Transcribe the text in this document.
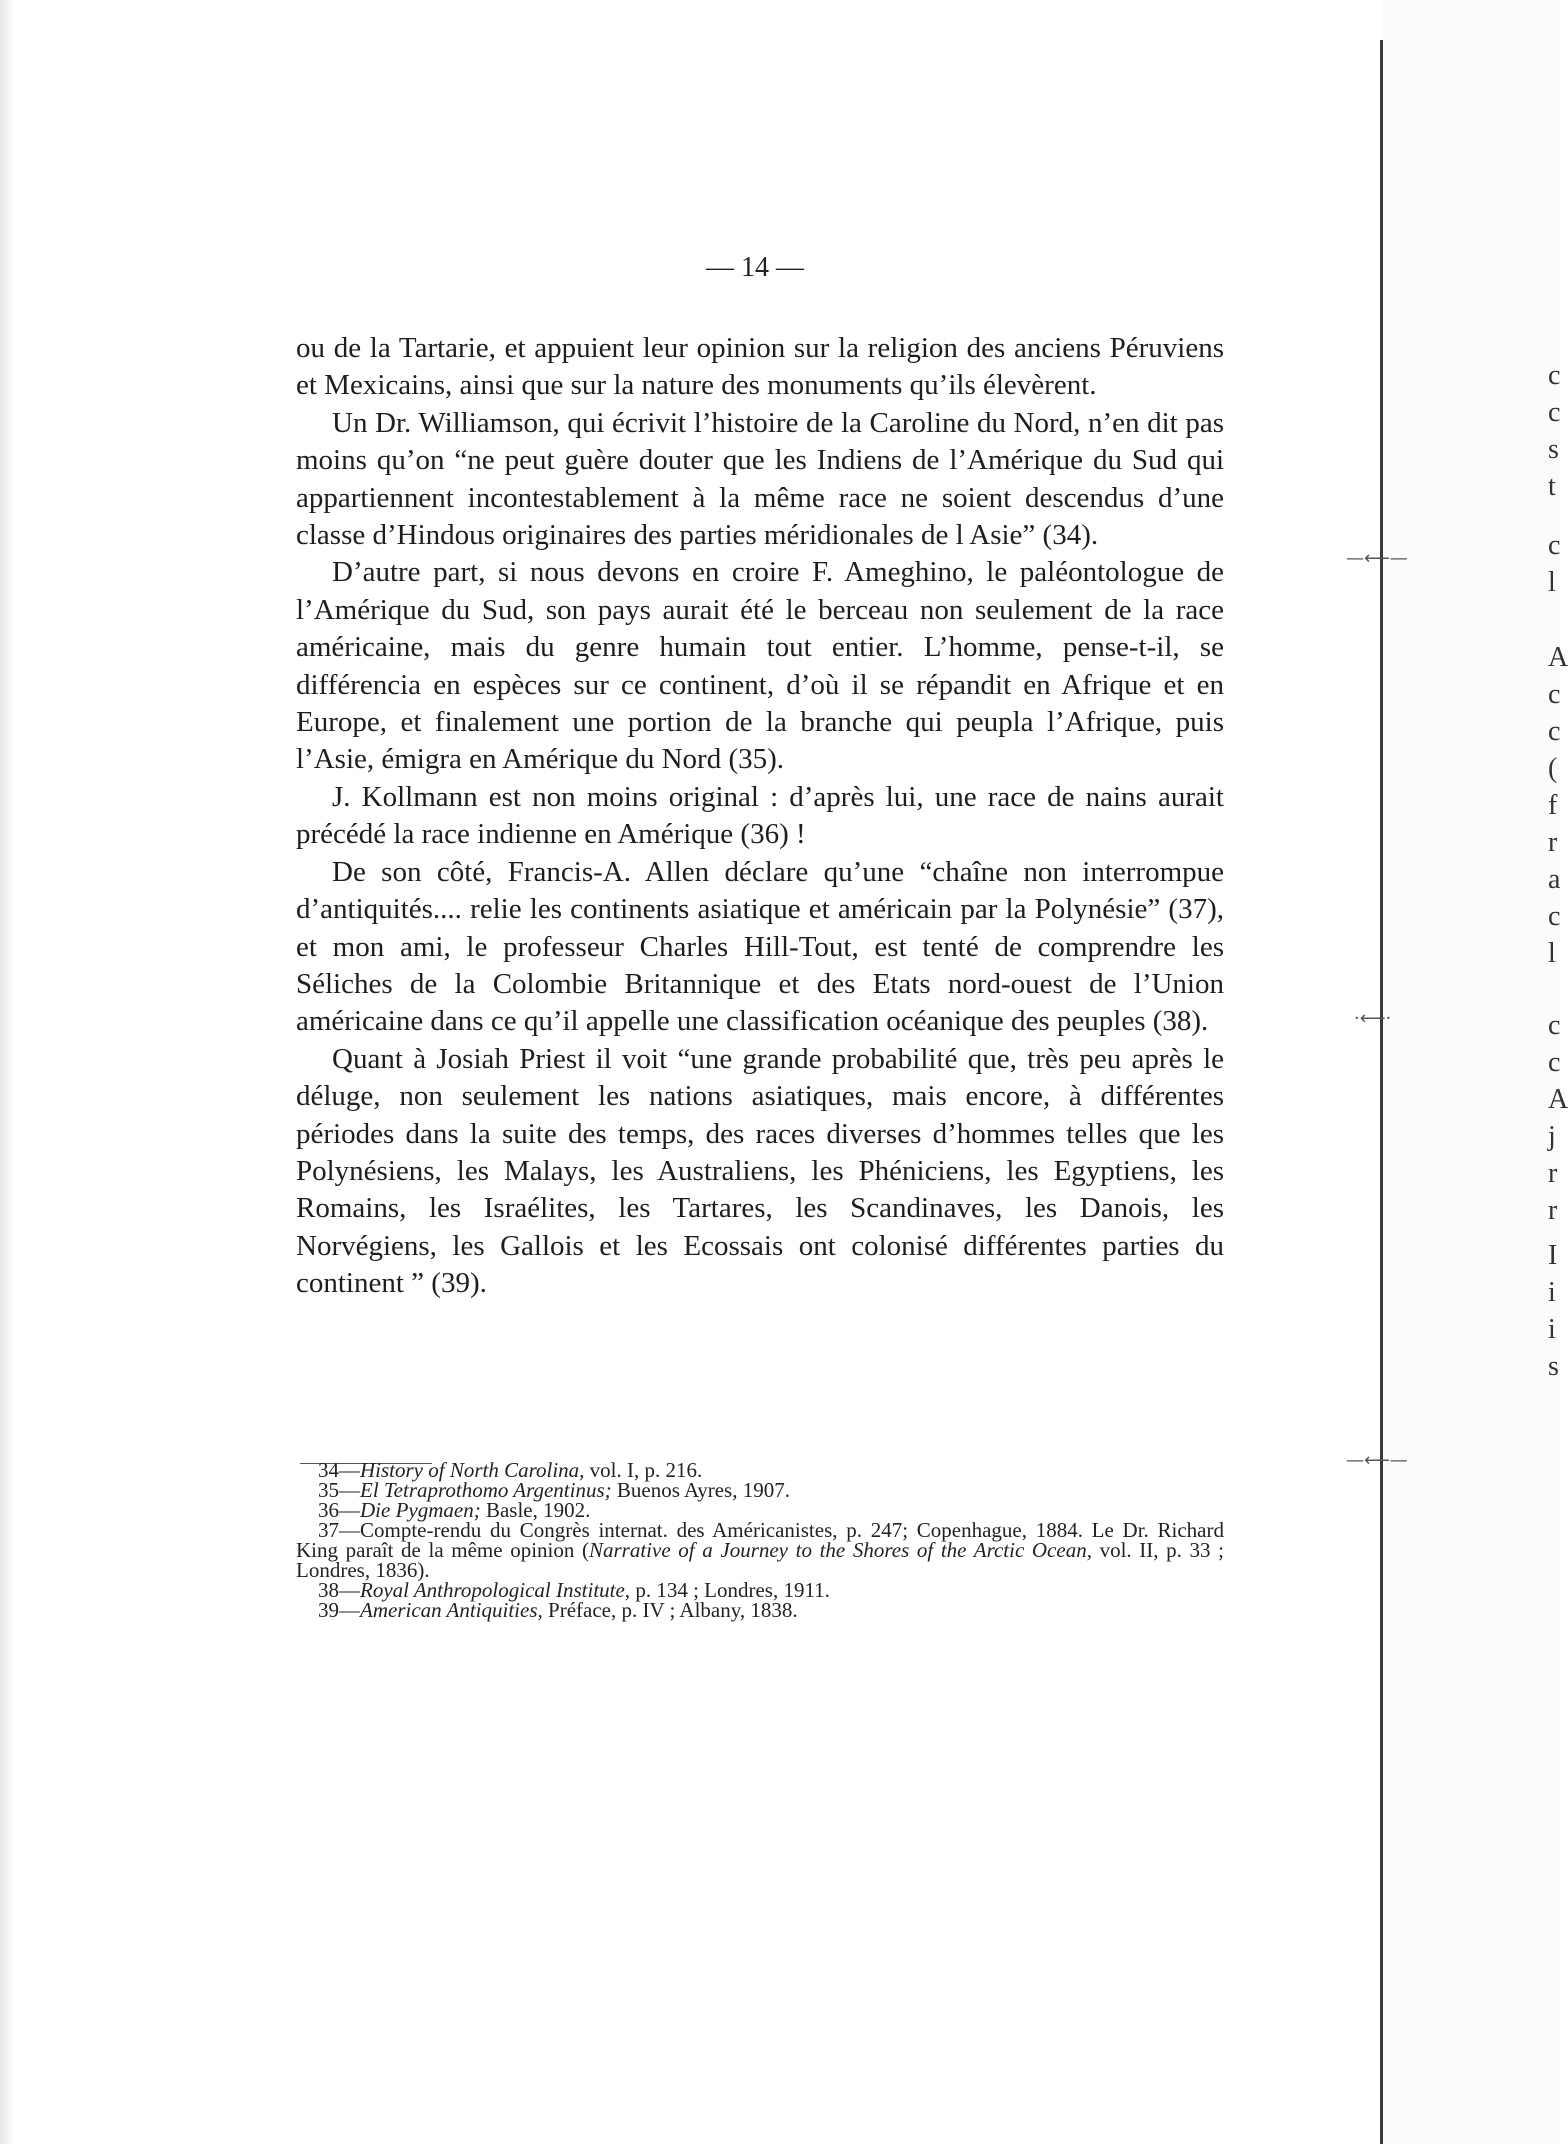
— 14 —

ou de la Tartarie, et appuient leur opinion sur la religion des anciens Péruviens et Mexicains, ainsi que sur la nature des monuments qu’ils élevèrent.

Un Dr. Williamson, qui écrivit l’histoire de la Caroline du Nord, n’en dit pas moins qu’on “ne peut guère douter que les Indiens de l’Amérique du Sud qui appartiennent incontestablement à la même race ne soient descendus d’une classe d’Hindous originaires des parties méridionales de l Asie” (34).

D’autre part, si nous devons en croire F. Ameghino, le paléontologue de l’Amérique du Sud, son pays aurait été le berceau non seulement de la race américaine, mais du genre humain tout entier. L’homme, pense-t-il, se différencia en espèces sur ce continent, d’où il se répandit en Afrique et en Europe, et finalement une portion de la branche qui peupla l’Afrique, puis l’Asie, émigra en Amérique du Nord (35).

J. Kollmann est non moins original : d’après lui, une race de nains aurait précédé la race indienne en Amérique (36) !

De son côté, Francis-A. Allen déclare qu’une “chaîne non interrompue d’antiquités.... relie les continents asiatique et américain par la Polynésie” (37), et mon ami, le professeur Charles Hill-Tout, est tenté de comprendre les Séliches de la Colombie Britannique et des Etats nord-ouest de l’Union américaine dans ce qu’il appelle une classification océanique des peuples (38).

Quant à Josiah Priest il voit “une grande probabilité que, très peu après le déluge, non seulement les nations asiatiques, mais encore, à différentes périodes dans la suite des temps, des races diverses d’hommes telles que les Polynésiens, les Malays, les Australiens, les Phéniciens, les Egyptiens, les Romains, les Israélites, les Tartares, les Scandinaves, les Danois, les Norvégiens, les Gallois et les Ecossais ont colonisé différentes parties du continent ” (39).

34—History of North Carolina, vol. I, p. 216.

35—El Tetraprothomo Argentinus; Buenos Ayres, 1907.

36—Die Pygmaen; Basle, 1902.

37—Compte-rendu du Congrès internat. des Américanistes, p. 247; Copenhague, 1884. Le Dr. Richard King paraît de la même opinion (Narrative of a Journey to the Shores of the Arctic Ocean, vol. II, p. 33 ; Londres, 1836).

38—Royal Anthropological Institute, p. 134 ; Londres, 1911.

39—American Antiquities, Préface, p. IV ; Albany, 1838.

c
c
s
t
c
l
A
c
c
(
f
r
a
c
l
c
c
A
j
r
r
I
i
i
s
—⟵—
·⟵·
—⟵—
